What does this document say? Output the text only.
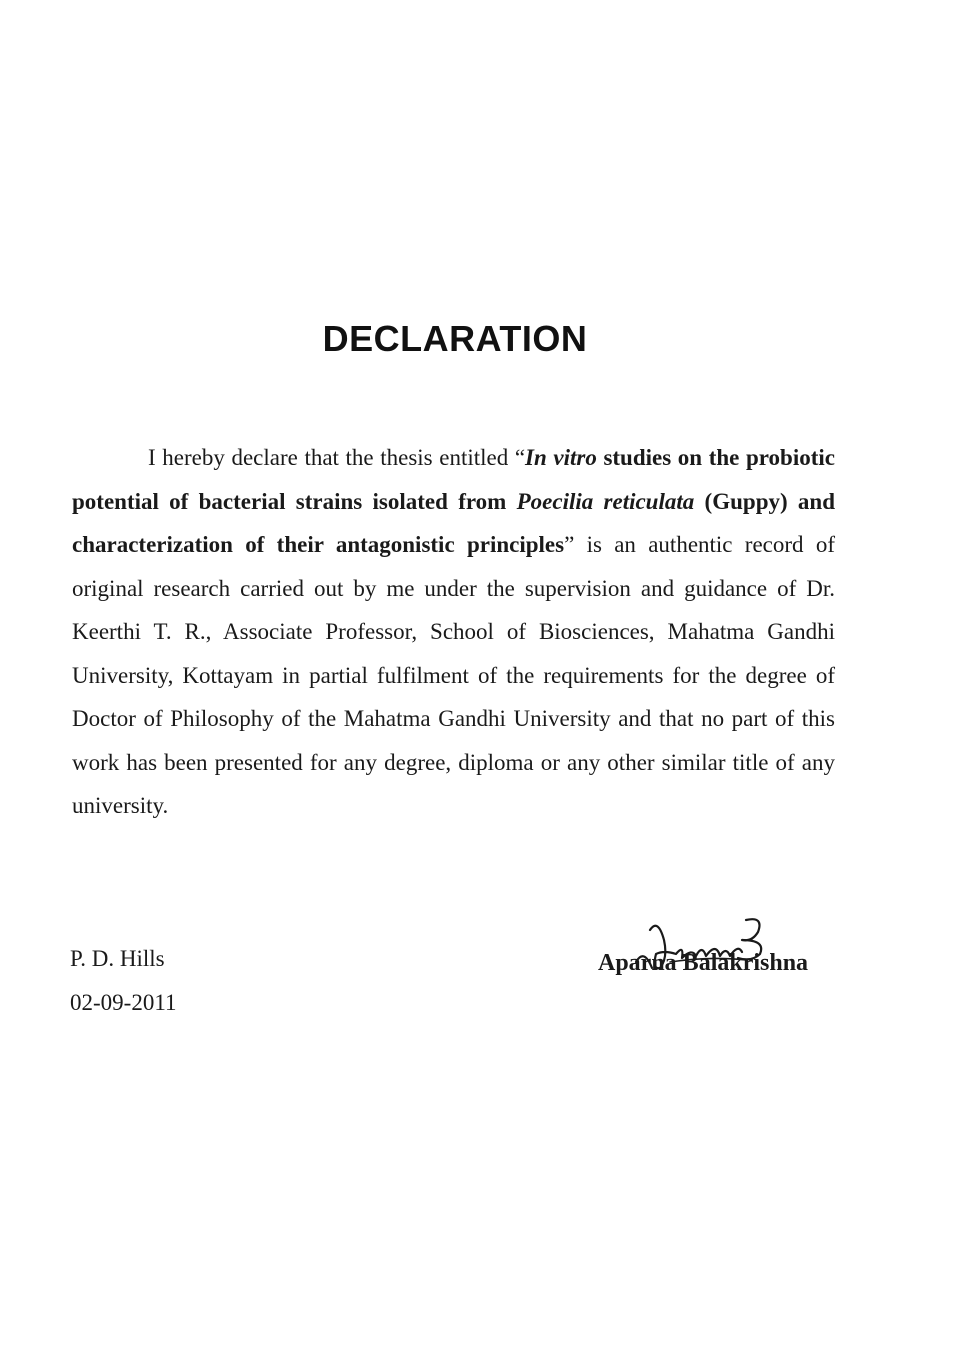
DECLARATION

I hereby declare that the thesis entitled “In vitro studies on the probiotic potential of bacterial strains isolated from Poecilia reticulata (Guppy) and characterization of their antagonistic principles” is an authentic record of original research carried out by me under the supervision and guidance of Dr. Keerthi T. R., Associate Professor, School of Biosciences, Mahatma Gandhi University, Kottayam in partial fulfilment of the requirements for the degree of Doctor of Philosophy of the Mahatma Gandhi University and that no part of this work has been presented for any degree, diploma or any other similar title of any university.

P. D. Hills
02-09-2011
Aparna Balakrishna
